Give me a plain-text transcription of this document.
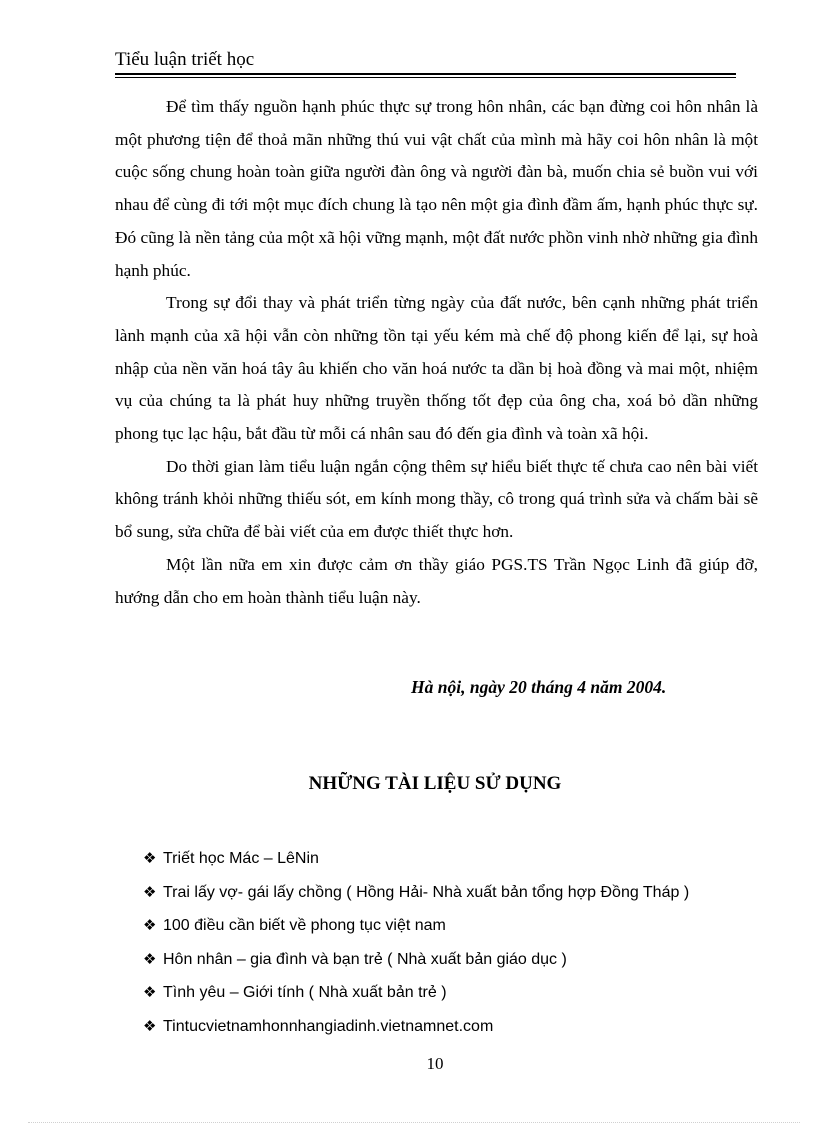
Tiểu luận triết học

Để tìm thấy nguồn hạnh phúc thực sự trong hôn nhân, các bạn đừng coi hôn nhân là một phương tiện để thoả mãn những thú vui vật chất của mình mà hãy coi hôn nhân là một cuộc sống chung hoàn toàn giữa người đàn ông và người đàn bà, muốn chia sẻ buồn vui với nhau để cùng đi tới một mục đích chung là tạo nên một gia đình đầm ấm, hạnh phúc thực sự. Đó cũng là nền tảng của một xã hội vững mạnh, một đất nước phồn vinh nhờ những gia đình hạnh phúc.

Trong sự đổi thay và phát triển từng ngày của đất nước, bên cạnh những phát triển lành mạnh của xã hội vẫn còn những tồn tại yếu kém mà chế độ phong kiến để lại, sự hoà nhập của nền văn hoá tây âu khiến cho văn hoá nước ta dần bị hoà đồng và mai một, nhiệm vụ của chúng ta là phát huy những truyền thống tốt đẹp của ông cha, xoá bỏ dần những phong tục lạc hậu, bắt đầu từ mỗi cá nhân sau đó đến gia đình và toàn xã hội.

Do thời gian làm tiểu luận ngắn cộng thêm sự hiểu biết thực tế chưa cao nên bài viết không tránh khỏi những thiếu sót, em kính mong thầy, cô trong quá trình sửa và chấm bài sẽ bổ sung, sửa chữa để bài viết của em được thiết thực hơn.

Một lần nữa em xin được cảm ơn thầy giáo PGS.TS Trần Ngọc Linh đã giúp đỡ, hướng dẫn cho em hoàn thành tiểu luận này.

Hà nội, ngày 20 tháng 4 năm 2004.
NHỮNG TÀI LIỆU SỬ DỤNG
❖ Triết học Mác – LêNin
❖ Trai lấy vợ- gái lấy chồng ( Hồng Hải- Nhà xuất bản tổng hợp Đồng Tháp )
❖ 100 điều cần biết về phong tục việt nam
❖ Hôn nhân – gia đình và bạn trẻ ( Nhà xuất bản giáo dục )
❖ Tình yêu – Giới tính ( Nhà xuất bản trẻ )
❖ Tintucvietnamhonnhangiadinh.vietnamnet.com
10
